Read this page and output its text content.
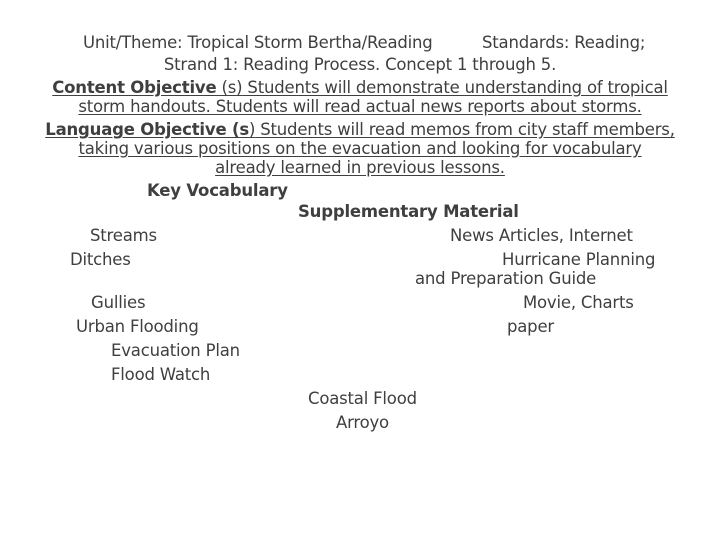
Unit/Theme: Tropical Storm Bertha/Reading	Standards: Reading;
Strand 1: Reading Process. Concept 1 through 5.
Content Objective (s) Students will demonstrate understanding of tropical
storm handouts. Students will read actual news reports about storms.
Language Objective (s) Students will read memos from city staff members,
taking various positions on the evacuation and looking for vocabulary
already learned in previous lessons.
Key Vocabulary
Supplementary Material
Streams
Ditches
Gullies
Urban Flooding
Evacuation Plan
Flood Watch
Coastal Flood
Arroyo
News Articles, Internet
Hurricane Planning
and Preparation Guide
Movie, Charts
paper
